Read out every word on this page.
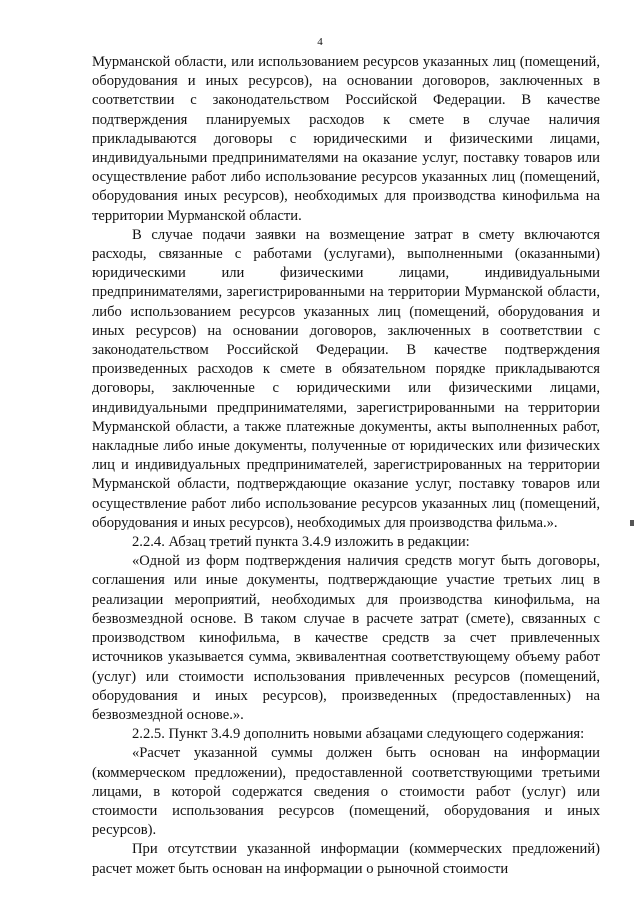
4

Мурманской области, или использованием ресурсов указанных лиц (помещений, оборудования и иных ресурсов), на основании договоров, заключенных в соответствии с законодательством Российской Федерации. В качестве подтверждения планируемых расходов к смете в случае наличия прикладываются договоры с юридическими и физическими лицами, индивидуальными предпринимателями на оказание услуг, поставку товаров или осуществление работ либо использование ресурсов указанных лиц (помещений, оборудования иных ресурсов), необходимых для производства кинофильма на территории Мурманской области.

В случае подачи заявки на возмещение затрат в смету включаются расходы, связанные с работами (услугами), выполненными (оказанными) юридическими или физическими лицами, индивидуальными предпринимателями, зарегистрированными на территории Мурманской области, либо использованием ресурсов указанных лиц (помещений, оборудования и иных ресурсов) на основании договоров, заключенных в соответствии с законодательством Российской Федерации. В качестве подтверждения произведенных расходов к смете в обязательном порядке прикладываются договоры, заключенные с юридическими или физическими лицами, индивидуальными предпринимателями, зарегистрированными на территории Мурманской области, а также платежные документы, акты выполненных работ, накладные либо иные документы, полученные от юридических или физических лиц и индивидуальных предпринимателей, зарегистрированных на территории Мурманской области, подтверждающие оказание услуг, поставку товаров или осуществление работ либо использование ресурсов указанных лиц (помещений, оборудования и иных ресурсов), необходимых для производства фильма.».

2.2.4. Абзац третий пункта 3.4.9 изложить в редакции:

«Одной из форм подтверждения наличия средств могут быть договоры, соглашения или иные документы, подтверждающие участие третьих лиц в реализации мероприятий, необходимых для производства кинофильма, на безвозмездной основе. В таком случае в расчете затрат (смете), связанных с производством кинофильма, в качестве средств за счет привлеченных источников указывается сумма, эквивалентная соответствующему объему работ (услуг) или стоимости использования привлеченных ресурсов (помещений, оборудования и иных ресурсов), произведенных (предоставленных) на безвозмездной основе.».

2.2.5. Пункт 3.4.9 дополнить новыми абзацами следующего содержания:

«Расчет указанной суммы должен быть основан на информации (коммерческом предложении), предоставленной соответствующими третьими лицами, в которой содержатся сведения о стоимости работ (услуг) или стоимости использования ресурсов (помещений, оборудования и иных ресурсов).

При отсутствии указанной информации (коммерческих предложений) расчет может быть основан на информации о рыночной стоимости
